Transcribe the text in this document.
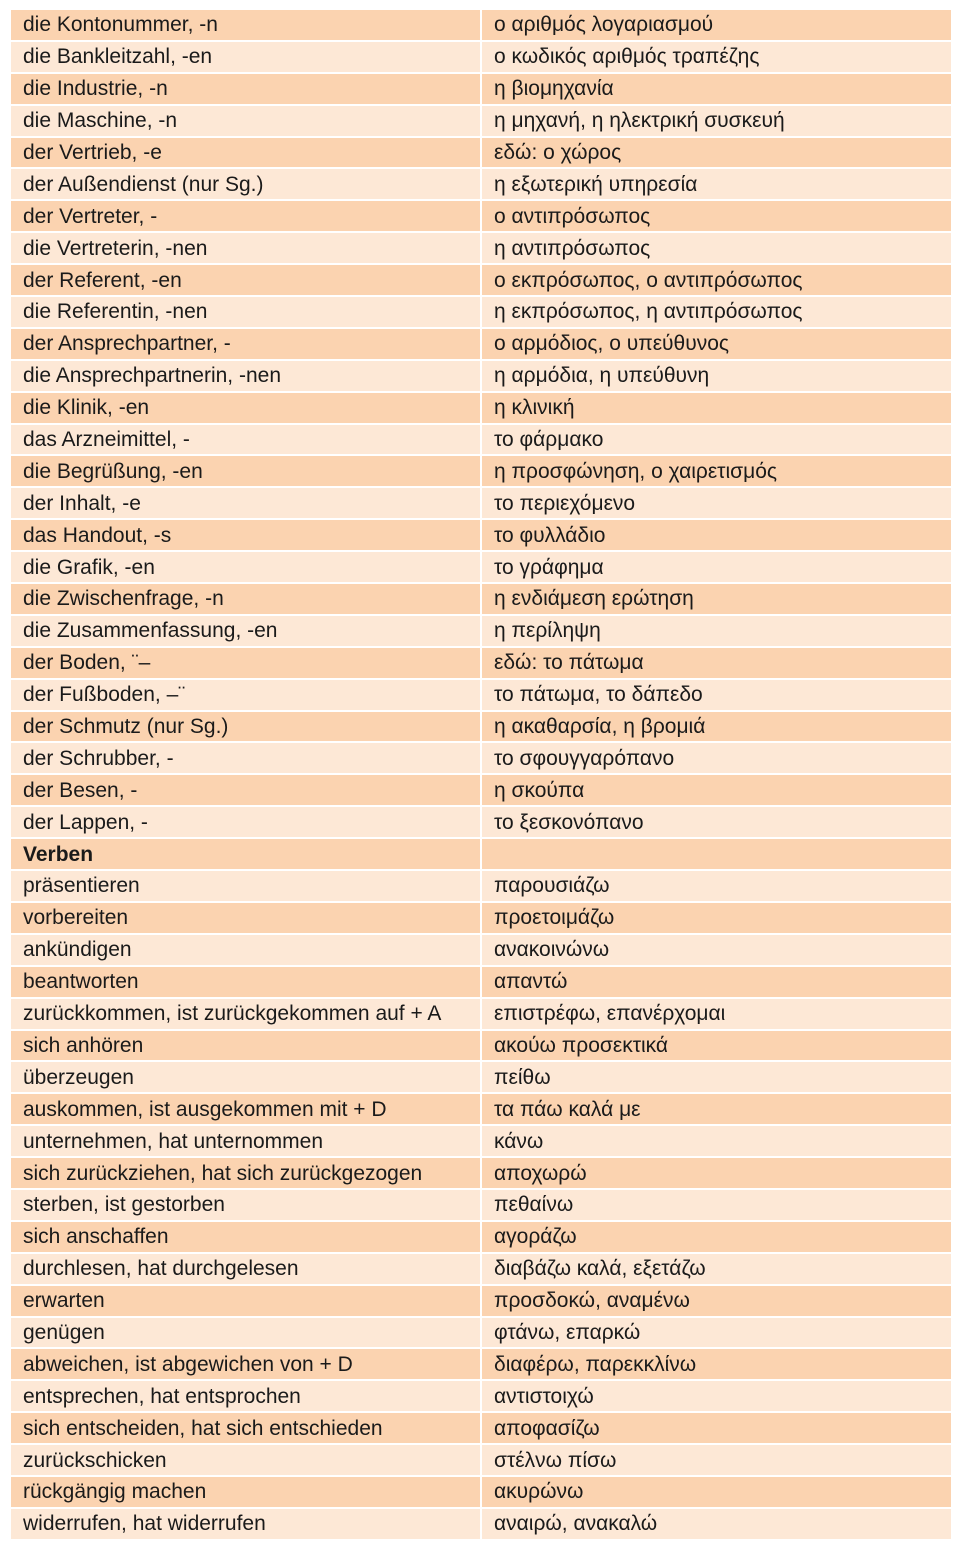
die Kontonummer, -n	ο αριθμός λογαριασμού
die Bankleitzahl, -en	ο κωδικός αριθμός τραπέζης
die Industrie, -n	η βιομηχανία
die Maschine, -n	η μηχανή, η ηλεκτρική συσκευή
der Vertrieb, -e	εδώ: ο χώρος
der Außendienst (nur Sg.)	η εξωτερική υπηρεσία
der Vertreter, -	ο αντιπρόσωπος
die Vertreterin, -nen	η αντιπρόσωπος
der Referent, -en	ο εκπρόσωπος, ο αντιπρόσωπος
die Referentin, -nen	η εκπρόσωπος, η αντιπρόσωπος
der Ansprechpartner, -	ο αρμόδιος, ο υπεύθυνος
die Ansprechpartnerin, -nen	η αρμόδια, η υπεύθυνη
die Klinik, -en	η κλινική
das Arzneimittel, -	το φάρμακο
die Begrüßung, -en	η προσφώνηση, ο χαιρετισμός
der Inhalt, -e	το περιεχόμενο
das Handout, -s	το φυλλάδιο
die Grafik, -en	το γράφημα
die Zwischenfrage, -n	η ενδιάμεση ερώτηση
die Zusammenfassung, -en	η περίληψη
der Boden, ¨–	εδώ: το πάτωμα
der Fußboden, –¨	το πάτωμα, το δάπεδο
der Schmutz (nur Sg.)	η ακαθαρσία, η βρομιά
der Schrubber, -	το σφουγγαρόπανο
der Besen, -	η σκούπα
der Lappen, -	το ξεσκονόπανο
Verben	
präsentieren	παρουσιάζω
vorbereiten	προετοιμάζω
ankündigen	ανακοινώνω
beantworten	απαντώ
zurückkommen, ist zurückgekommen auf + A	επιστρέφω, επανέρχομαι
sich anhören	ακούω προσεκτικά
überzeugen	πείθω
auskommen, ist ausgekommen mit + D	τα πάω καλά με
unternehmen, hat unternommen	κάνω
sich zurückziehen, hat sich zurückgezogen	αποχωρώ
sterben, ist gestorben	πεθαίνω
sich anschaffen	αγοράζω
durchlesen, hat durchgelesen	διαβάζω καλά, εξετάζω
erwarten	προσδοκώ, αναμένω
genügen	φτάνω, επαρκώ
abweichen, ist abgewichen von + D	διαφέρω, παρεκκλίνω
entsprechen, hat entsprochen	αντιστοιχώ
sich entscheiden, hat sich entschieden	αποφασίζω
zurückschicken	στέλνω πίσω
rückgängig machen	ακυρώνω
widerrufen, hat widerrufen	αναιρώ, ανακαλώ
